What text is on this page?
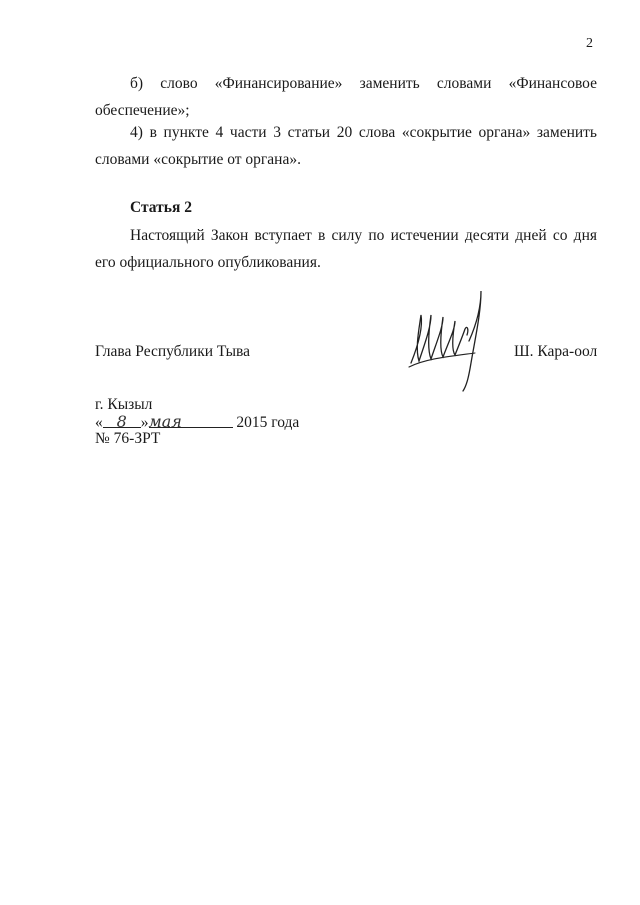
2

б) слово «Финансирование» заменить словами «Финансовое обеспечение»;

4) в пункте 4 части 3 статьи 20 слова «сокрытие органа» заменить словами «сокрытие от органа».

Статья 2

Настоящий Закон вступает в силу по истечении десяти дней со дня его официального опубликования.

Глава Республики Тыва	Ш. Кара-оол
г. Кызыл
« 8 »мая	2015 года
№ 76-ЗРТ
